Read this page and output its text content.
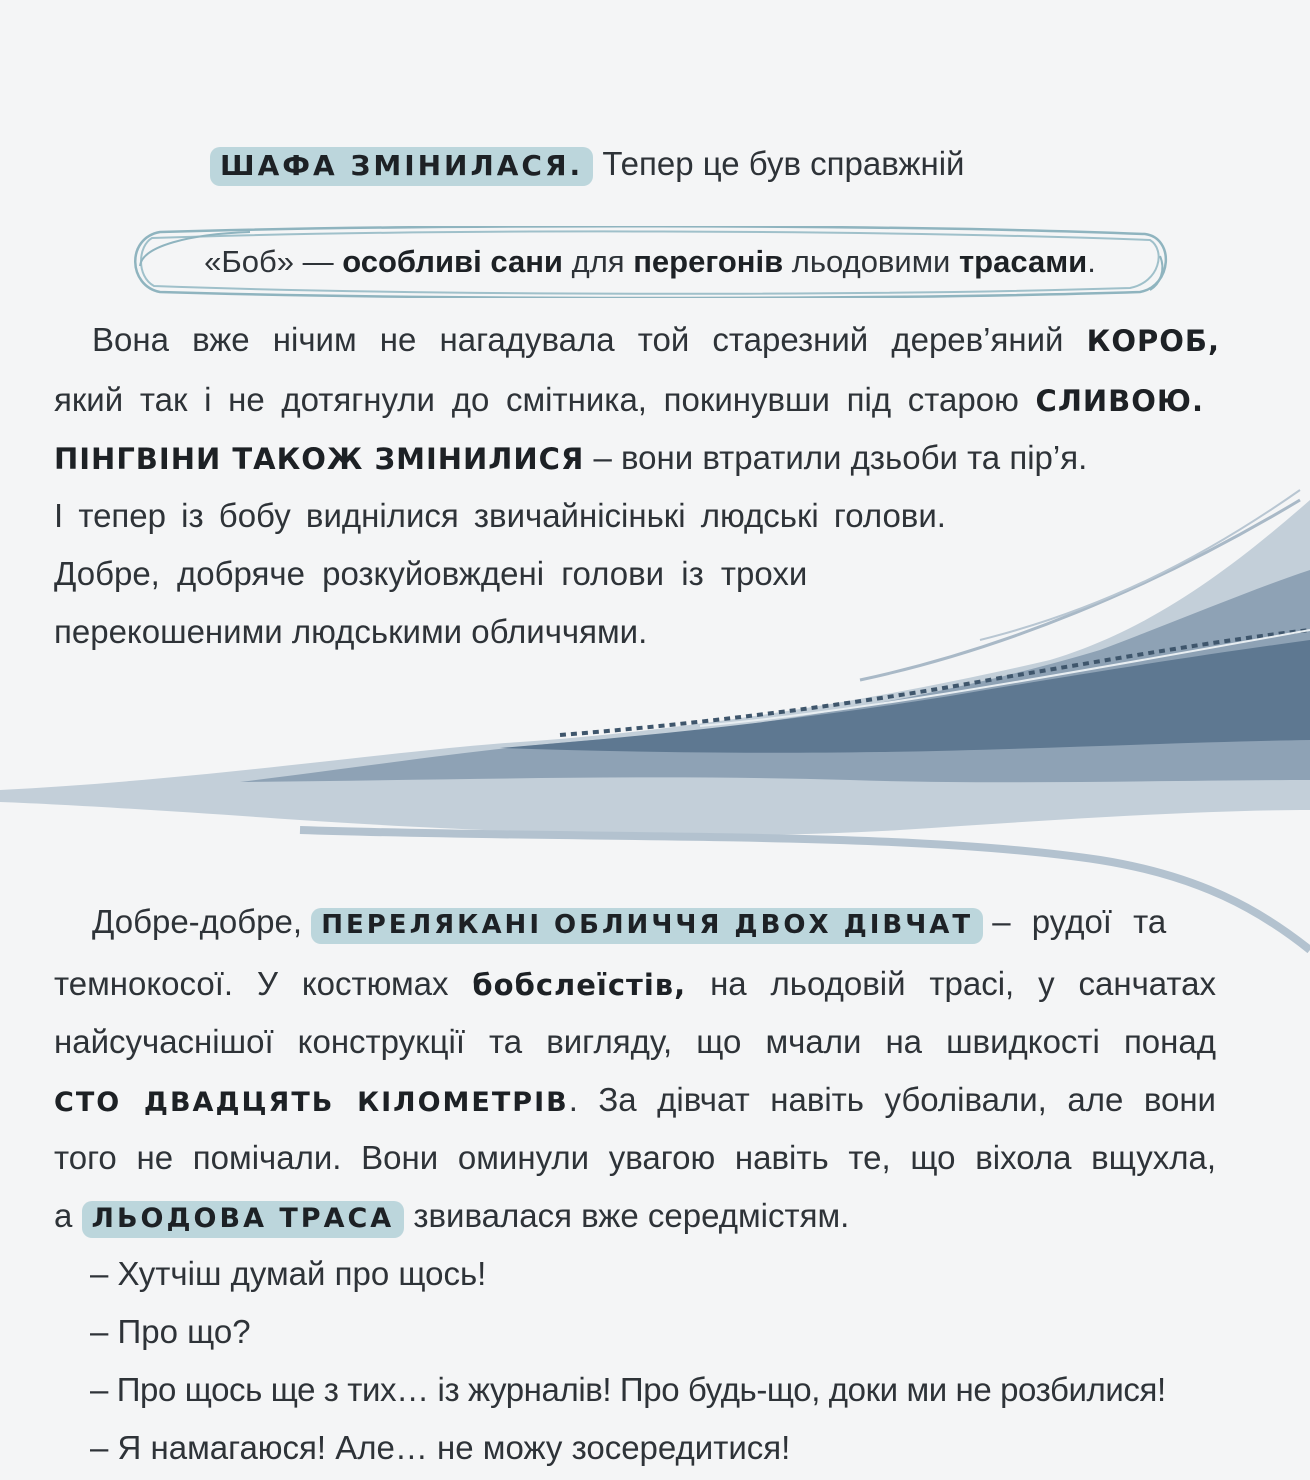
ШАФА ЗМІНИЛАСЯ. Тепер це був справжній
«Боб» — особливі сани для перегонів льодовими трасами.
Вона вже нічим не нагадувала той старезний дерев’яний КОРОБ,
який так і не дотягнули до смітника, покинувши під старою СЛИВОЮ.
ПІНГВІНИ ТАКОЖ ЗМІНИЛИСЯ – вони втратили дзьоби та пір’я.
І тепер із бобу виднілися звичайнісінькі людські голови.
Добре, добряче розкуйовждені голови із трохи
перекошеними людськими обличчями.
Добре-добре, ПЕРЕЛЯКАНІ ОБЛИЧЧЯ ДВОХ ДІВЧАТ – рудої та
темнокосої. У костюмах бобслеїстів, на льодовій трасі, у санчатах
найсучаснішої конструкції та вигляду, що мчали на швидкості понад
СТО ДВАДЦЯТЬ КІЛОМЕТРІВ. За дівчат навіть уболівали, але вони
того не помічали. Вони оминули увагою навіть те, що віхола вщухла,
а ЛЬОДОВА ТРАСА звивалася вже середмістям.
– Хутчіш думай про щось!
– Про що?
– Про щось ще з тих… із журналів! Про будь-що, доки ми не розбилися!
– Я намагаюся! Але… не можу зосередитися!
